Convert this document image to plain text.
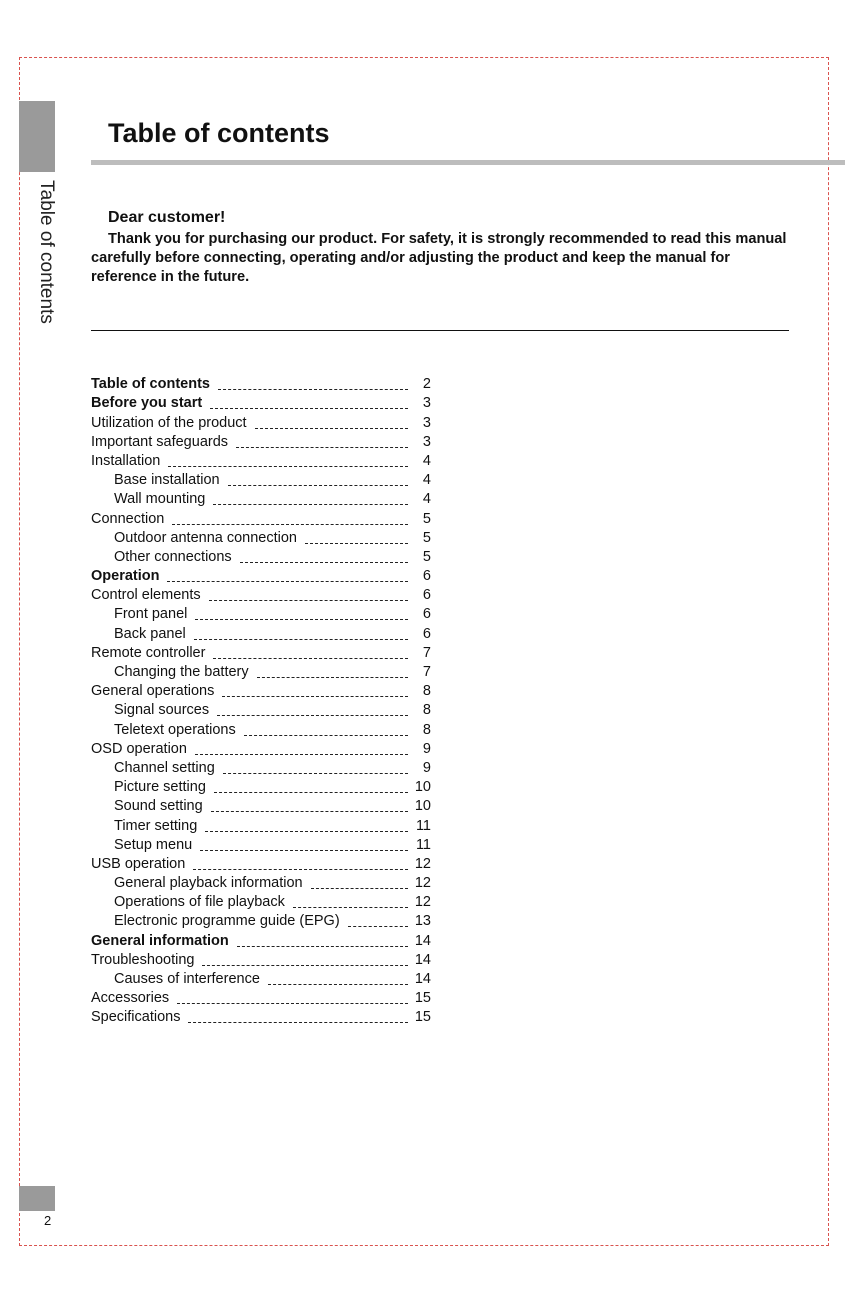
Table of contents
Table of contents
Dear customer!

Thank you for purchasing our product. For safety, it is strongly recommended to read this manual carefully before connecting, operating and/or adjusting the product and keep the manual for reference in the future.

Table of contents	2
Before you start	3
Utilization of the product	3
Important safeguards	3
Installation	4
Base installation	4
Wall mounting	4
Connection	5
Outdoor antenna connection	5
Other connections	5
Operation	6
Control elements	6
Front panel	6
Back panel	6
Remote controller	7
Changing the battery	7
General operations	8
Signal sources	8
Teletext operations	8
OSD operation	9
Channel setting	9
Picture setting	10
Sound setting	10
Timer setting	11
Setup menu	11
USB operation	12
General playback information	12
Operations of file playback	12
Electronic programme guide (EPG)	13
General information	14
Troubleshooting	14
Causes of interference	14
Accessories	15
Specifications	15
2
